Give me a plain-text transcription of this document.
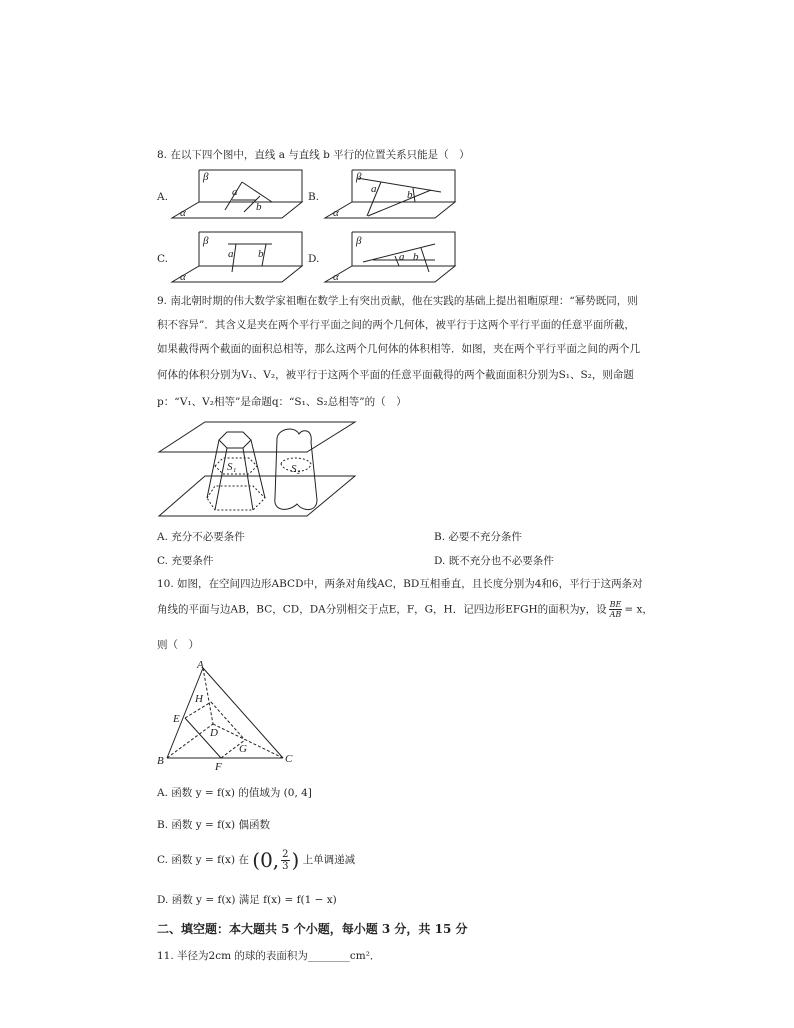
8. 在以下四个图中，直线 a 与直线 b 平行的位置关系只能是（　）
A.	B.
C.	D.
β
α
a
b
β
α
a	b
β
α
a b
β
α
a b
9. 南北朝时期的伟大数学家祖暅在数学上有突出贡献，他在实践的基础上提出祖暅原理：“幂势既同，则
积不容异”．其含义是夹在两个平行平面之间的两个几何体，被平行于这两个平行平面的任意平面所截，
如果截得两个截面的面积总相等，那么这两个几何体的体积相等．如图，夹在两个平行平面之间的两个几
何体的体积分别为V₁、V₂，被平行于这两个平面的任意平面截得的两个截面面积分别为S₁、S₂，则命题
p：“V₁、V₂相等”是命题q：“S₁、S₂总相等”的（　）
S₁	S₂
A. 充分不必要条件	B. 必要不充分条件
C. 充要条件	D. 既不充分也不必要条件
10. 如图，在空间四边形ABCD中，两条对角线AC，BD互相垂直，且长度分别为4和6，平行于这两条对
角线的平面与边AB，BC，CD，DA分别相交于点E，F，G，H．记四边形EFGH的面积为y，设 $\frac{BE}{AB} = x$，
则（　）
A
H
E
D
G
B	F
C
A. 函数 y = f(x) 的值域为 (0, 4]
B. 函数 y = f(x) 偶函数
C. 函数 y = f(x) 在 (0, $\frac{2}{3}$ ) 上单调递减
D. 函数 y = f(x) 满足 f(x) = f(1 − x)
二、填空题：本大题共 5 个小题，每小题 3 分，共 15 分
11. 半径为2cm 的球的表面积为________cm²．
